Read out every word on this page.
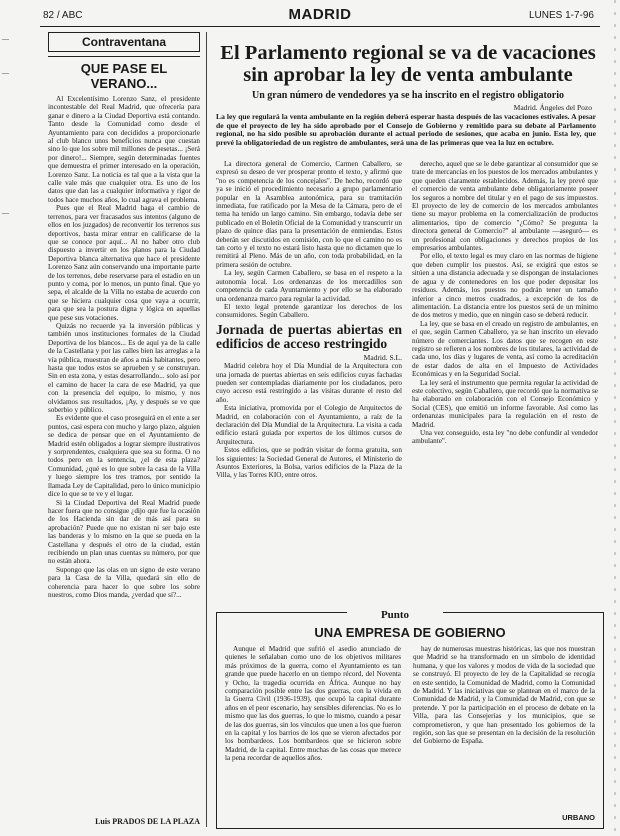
—
—
—
82 / ABC	MADRID	LUNES 1-7-96
Contraventana
QUE PASE EL VERANO...

Al Excelentísimo Lorenzo Sanz, el presidente incontestable del Real Madrid, que ofrecería para ganar e dinero a la Ciudad Deportiva está contando. Tanto desde la Comunidad como desde el Ayuntamiento para con decididos a proporcionarle al club blanco unos beneficios nunca que cuestan sino lo que los sobre mil millones de pesetas... ¡Será por dinero!... Siempre, según determinadas fuentes que demuestra el primer interesado en la operación, Lorenzo Sanz. La noticia es tal que a la vista que la calle vale más que cualquier otra. Es uno de los datos que dan las a cualquier informativa y rigor de todos hace muchos años, lo cual agrava el problema.

Pues que el Real Madrid haga el cambio de terrenos, para ver fracasados sus intentos (alguno de ellos en los juzgados) de reconvertir los terrenos sus deportivos, hasta mirar entrar en calificarse de la que se conoce por aquí... Al no haber otro club dispuesto a invertir en los planos para la Ciudad Deportiva blanca alternativa que hace el presidente Lorenzo Sanz aún conservando una importante parte de los terrenos, debe reservarse para el estadio en un punto y coma, por lo menos, un punto final. Que yo sepa, el alcalde de la Villa no estaba de acuerdo con que se hiciera cualquier cosa que vaya a ocurrir, para que sea la postura digna y lógica en aquellas que pese sus votaciones.

Quizás no recuerde ya la inversión públicas y también unos instituciones formales de la Ciudad Deportiva de los blancos... Es de aquí ya de la calle de la Castellana y por las calles bien las arreglas a la vía pública, muestran de años a más habitantes, pero hasta que todos estos se aprueben y se construyan. Sin en esta zona, y estas desarrollando... solo así por el camino de hacer la cara de ese Madrid, ya que con la presencia del equipo, lo mismo, y nos olvidamos sus resultados, ¡Ay, y después se ve que soberbio y público.

Es evidente que el caso proseguirá en el ente a ser puntos, casi espera con mucho y largo plazo, alguien se dedica de pensar que en el Ayuntamiento de Madrid estén obligados a lograr siempre ilustrativos y sorprendentes, cualquiera que sea su forma. O no todos pero en la sentencia, ¿el de esta plaza? Comunidad, ¿qué es lo que sobre la casa de la Villa y luego siempre los tres tramos, por sentido la llamada Ley de Capitalidad, pero lo único municipio dice lo que se te ve y el lugar.

Si la Ciudad Deportiva del Real Madrid puede hacer fuera que no consigue ¿dijo que fue la ocasión de los Hacienda sin dar de más así para su aprobación? Puede que no existan ni ser bajo este las banderas y lo mismo en la que se pueda en la Castellana y después el otro de la ciudad, están recibiendo un plan unas cuentas su número, por que no están ahora.

Supongo que las olas en un signo de este verano para la Casa de la Villa, quedará sin ello de coherencia para hacer lo que sobre los sobre nuestros, como Dios manda, ¿verdad que sí?...

Luis PRADOS DE LA PLAZA
El Parlamento regional se va de vacaciones sin aprobar la ley de venta ambulante
Un gran número de vendedores ya se ha inscrito en el registro obligatorio
Madrid. Ángeles del Pozo
La ley que regulará la venta ambulante en la región deberá esperar hasta después de las vacaciones estivales. A pesar de que el proyecto de ley ha sido aprobado por el Consejo de Gobierno y remitido para su debate al Parlamento regional, no ha sido posible su aprobación durante el actual periodo de sesiones, que acaba en junio. Esta ley, que prevé la obligatoriedad de un registro de ambulantes, será una de las primeras que vea la luz en octubre.

La directora general de Comercio, Carmen Caballero, se expresó su deseo de ver prosperar pronto el texto, y afirmó que "no es competencia de los concejales". De hecho, recordó que ya se inició el procedimiento necesario a grupo parlamentario popular en la Asamblea autonómica, para su tramitación inmediata, fue ratificado por la Mesa de la Cámara, pero de el tema ha tenido un largo camino. Sin embargo, todavía debe ser publicado en el Boletín Oficial de la Comunidad y transcurrir un plazo de quince días para la presentación de enmiendas. Estos deberán ser discutidos en comisión, con lo que el camino no es tan corto y el texto no estará listo hasta que no dictamen que lo remitirá al Pleno. Más de un año, con toda probabilidad, en la primera sesión de octubre.

La ley, según Carmen Caballero, se basa en el respeto a la autonomía local. Los ordenanzas de los mercadillos son competencia de cada Ayuntamiento y por ello se ha elaborado una ordenanza marco para regular la actividad.

El texto legal pretende garantizar los derechos de los consumidores. Según Caballero.

Jornada de puertas abiertas en edificios de acceso restringido
Madrid. S.L.

Madrid celebra hoy el Día Mundial de la Arquitectura con una jornada de puertas abiertas en seis edificios cuyas fachadas pueden ser contempladas diariamente por los ciudadanos, pero cuyo acceso está restringido a las visitas durante el resto del año.

Esta iniciativa, promovida por el Colegio de Arquitectos de Madrid, en colaboración con el Ayuntamiento, a raíz de la declaración del Día Mundial de la Arquitectura. La visita a cada edificio estará guiada por expertos de los últimos cursos de Arquitectura.

Estos edificios, que se podrán visitar de forma gratuita, son los siguientes: la Sociedad General de Autores, el Ministerio de Asuntos Exteriores, la Bolsa, varios edificios de la Plaza de la Villa, y las Torres KIO, entre otros.

derecho, aquel que se le debe garantizar al consumidor que se trate de mercancías en los puestos de los mercados ambulantes y que queden claramente establecidos. Además, la ley prevé que el comercio de venta ambulante debe obligatoriamente poseer los seguros a nombre del titular y en el pago de sus impuestos. El proyecto de ley de comercio de los mercados ambulantes tiene su mayor problema en la comercialización de productos alimentarios, tipo de comercio "¿Cómo? Se pregunta la directora general de Comercio?" al ambulante —aseguró— es un profesional con obligaciones y derechos propios de los empresarios ambulantes.

Por ello, el texto legal es muy claro en las normas de higiene que deben cumplir los puestos. Así, se exigirá que estos se sitúen a una distancia adecuada y se dispongan de instalaciones de agua y de contenedores en los que poder depositar los residuos. Además, los puestos no podrán tener un tamaño inferior a cinco metros cuadrados, a excepción de los de alimentación. La distancia entre los puestos será de un mínimo de dos metros y medio, que en ningún caso se deberá reducir.

La ley, que se basa en el creado un registro de ambulantes, en el que, según Carmen Caballero, ya se han inscrito un elevado número de comerciantes. Los datos que se recogen en este registro se refieren a los nombres de los titulares, la actividad de cada uno, los días y lugares de venta, así como la acreditación de estar dados de alta en el Impuesto de Actividades Económicas y en la Seguridad Social.

La ley será el instrumento que permita regular la actividad de este colectivo, según Caballero, que recordó que la normativa se ha elaborado en colaboración con el Consejo Económico y Social (CES), que emitió un informe favorable. Así como las ordenanzas municipales para la regulación en el resto de Madrid.

Una vez conseguido, esta ley "no debe confundir al vendedor ambulante".

Punto
UNA EMPRESA DE GOBIERNO

Aunque el Madrid que sufrió el asedio anunciado de quienes le señalaban como uno de los objetivos militares más próximos de la guerra, como el Ayuntamiento es tan grande que puede hacerlo en un tiempo récord, del Noventa y Ocho, la tragedia ocurrida en África. Aunque no hay comparación posible entre las dos guerras, con la vivida en la Guerra Civil (1936-1939), que ocupó la capital durante años en el peor escenario, hay sensibles diferencias. No es lo mismo que las dos guerras, lo que lo mismo, cuando a pesar de las dos guerras, sin los vínculos que unen a los que fueron en la capital y los barrios de los que se vieron afectados por los bombardeos. Los bombardeos que se hicieron sobre Madrid, de la capital. Entre muchas de las cosas que merece la pena recordar de aquellos años.

hay de numerosas muestras históricas, las que nos muestran que Madrid se ha transformado en un símbolo de identidad humana, y que los valores y modos de vida de la sociedad que se construyó. El proyecto de ley de la Capitalidad se recogía en este sentido, la Comunidad de Madrid, como la Comunidad de Madrid. Y las iniciativas que se plantean en el marco de la Comunidad de Madrid, y la Comunidad de Madrid, con que se pretende. Y por la participación en el proceso de debate en la Villa, para las Consejerías y los municipios, que se comprometieron, y que han presentado los gobiernos de la región, son las que se presentan en la decisión de la resolución del Gobierno de España.

URBANO
